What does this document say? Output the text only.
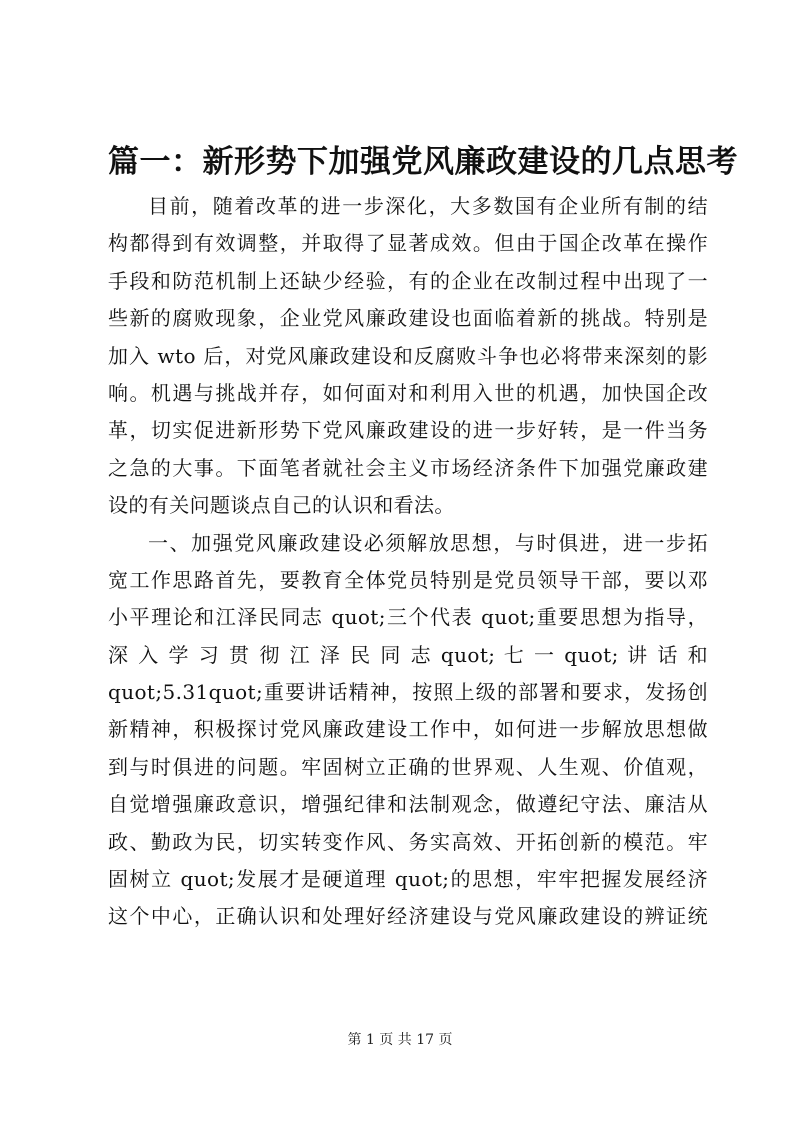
篇一：新形势下加强党风廉政建设的几点思考
目前，随着改革的进一步深化，大多数国有企业所有制的结
构都得到有效调整，并取得了显著成效。但由于国企改革在操作
手段和防范机制上还缺少经验，有的企业在改制过程中出现了一
些新的腐败现象，企业党风廉政建设也面临着新的挑战。特别是
加入 wto 后，对党风廉政建设和反腐败斗争也必将带来深刻的影
响。机遇与挑战并存，如何面对和利用入世的机遇，加快国企改
革，切实促进新形势下党风廉政建设的进一步好转，是一件当务
之急的大事。下面笔者就社会主义市场经济条件下加强党廉政建
设的有关问题谈点自己的认识和看法。
一、加强党风廉政建设必须解放思想，与时俱进，进一步拓
宽工作思路首先，要教育全体党员特别是党员领导干部，要以邓
小平理论和江泽民同志 quot;三个代表 quot;重要思想为指导，
深 入 学 习 贯 彻 江 泽 民 同 志 quot; 七 一 quot; 讲 话 和
quot;5.31quot;重要讲话精神，按照上级的部署和要求，发扬创
新精神，积极探讨党风廉政建设工作中，如何进一步解放思想做
到与时俱进的问题。牢固树立正确的世界观、人生观、价值观，
自觉增强廉政意识，增强纪律和法制观念，做遵纪守法、廉洁从
政、勤政为民，切实转变作风、务实高效、开拓创新的模范。牢
固树立 quot;发展才是硬道理 quot;的思想，牢牢把握发展经济
这个中心，正确认识和处理好经济建设与党风廉政建设的辨证统
第 1 页 共 17 页
